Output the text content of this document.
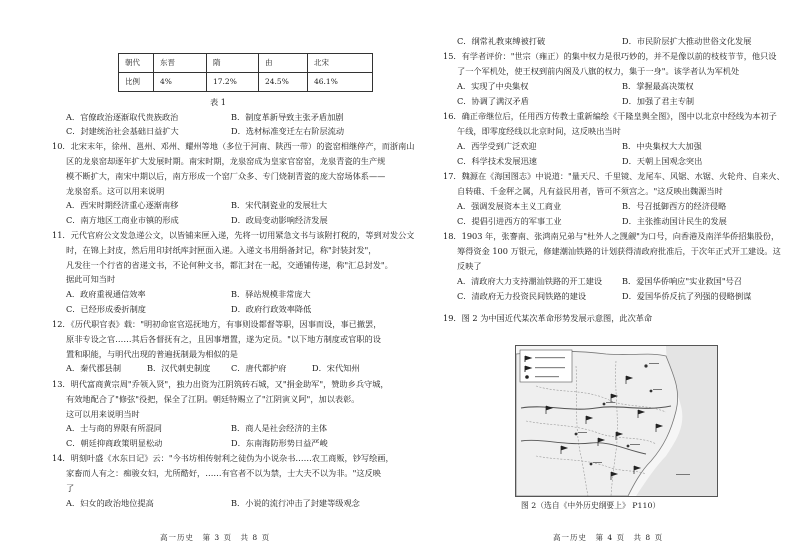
朝代	东晋	隋	由	北宋
比例	4%	17.2%	24.5%	46.1%
表 1
A．官僚政治逐渐取代贵族政治	B．制度革新导致主张矛盾加剧
C．封建统治社会基础日益扩大	D．选材标准变迁左右阶层流动
10．北宋末年，徐州、邕州、邓州、耀州等地（多位于河南、陕西一带）的瓷窑相继停产，而浙南山
区的龙泉窑却逐年扩大发展时期。南宋时期，龙泉窑成为皇家官窑窑，龙泉青瓷的生产规
模不断扩大，南宋中期以后，南方形成一个窑厂众多、专门烧制青瓷的庞大窑场体系——
龙泉窑系。这可以用来说明
A．西宋时期经济重心逐渐南移	B．宋代制瓷业的发展壮大
C．南方地区工商业市镇的形成	D．政局变动影响经济发展
11．元代官府公文发急递公文，以皆铺来匣入递，先将一切用紧急文书与该附打税的，等到对发公文
时，在锦上封皮，然后用印封纸库封匣面入递。入递文书用绢备封记，称"封装封发"，
凡发往一个行省的省递文书，不论何种文书，都汇封在一起，交通铺传递，称"汇总封发"。
据此可知当时
A．政府重视通信效率	B．驿站规模非常庞大
C．已经形成委折制度	D．政府行政效率降低
12．《历代职官表》载："明初命宦官巡抚地方，有事则设都督等职，因事而设，事已撤罢，
原非专设之官……其后各督抚有之，且因事增置，遂为定员。"以下地方制度或官职的设
置和职能，与明代出现的普遍抚制最为相似的是
A．秦代郡县制	B．汉代刺史制度	C．唐代都护府	D．宋代知州
13．明代富商黄宗周"乔领入贤"，独力出资为江阴筑砖石城，又"捐金助军"，赞助乡兵守城，
有效地配合了"修弦"役把，保全了江阴。朝廷特赐立了"江阴寅义阿"，加以表彰。
这可以用来说明当时
A．士与商的界限有所混同	B．商人是社会经济的主体
C．朝廷抑商政策明显松动	D．东南海防形势日益严峻
14．明刻叶盛《水东日记》云："今书坊相传射利之徒伪为小说杂书……农工商贩，钞写绘画，
家畜而人有之：痴骏女妇，尤所酷好，……有官者不以为禁，士大夫不以为非。"这反映
了
A．妇女的政治地位提高	B．小说的流行冲击了封建等级观念
高一历史　第 3 页　共 8 页
C．纲常礼教束缚被打破	D．市民阶层扩大推动世俗文化发展
15．有学者评价："世宗（雍正）的集中权力是很巧妙的，并不是像以前的枝枝节节，他只设
了一个军机处，使王权到前内阁及八旗的权力，集于一身"。该学者认为军机处
A．实现了中央集权	B．掌握最高决策权
C．协调了满汉矛盾	D．加强了君主专制
16．确正帝继位后，任用西方传教士重新编绘《干隆皇舆全图》，图中以北京中经线为本初子
午线，即零度经线以北京时间，这反映出当时
A．西学受到广泛欢迎	B．中央集权大大加强
C．科学技术发展迅速	D．天朝上国观念突出
17．魏源在《海国图志》中说道："量天尺、千里镜、龙尾车、风锯、水锯、火轮舟、自来火、
自转碓、千金秤之属，凡有益民用者，皆可不须宫之。"这反映出魏源当时
A．强调发展资本主义工商业	B．号召抵御西方的经济侵略
C．提倡引进西方的军事工业	D．主张推动国计民生的发展
18．1903 年，张謇南、张鸿南兄弟与"杜外人之觊觎"为口号，向香港及南洋华侨招集股份，
筹得资金 100 万银元，修建潮汕铁路的计划获得清政府批准后，于次年正式开工建设。这
反映了
A．清政府大力支持潮汕铁路的开工建设 B．爱国华侨响应"实业救国"号召
C．清政府无力投资民间铁路的建设	D．爱国华侨反抗了列强的侵略倒谋
19．图 2 为中国近代某次革命形势发展示意图，此次革命
高一历史　第 4 页　共 8 页
图 2（选自《中外历史纲要上》 P110）
